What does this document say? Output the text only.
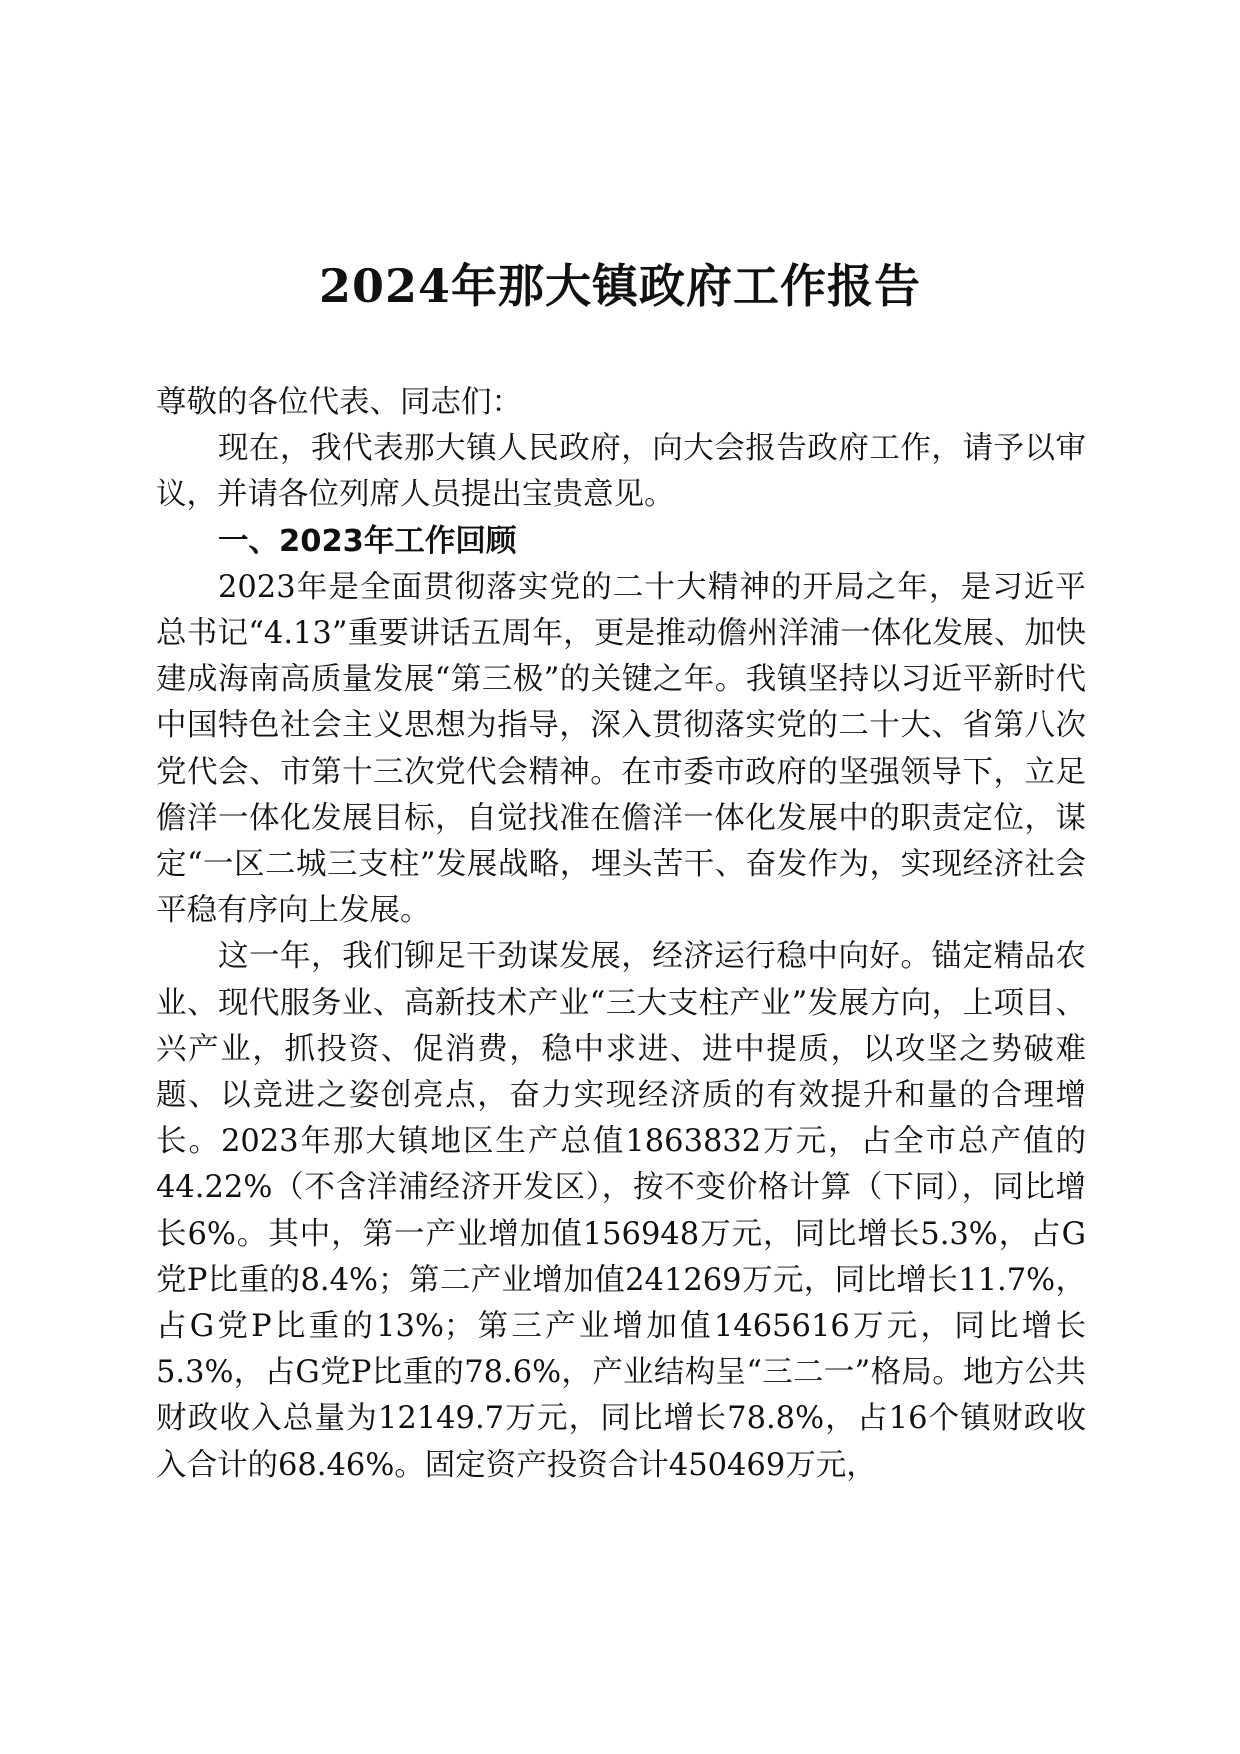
2024年那大镇政府工作报告

尊敬的各位代表、同志们：

现在，我代表那大镇人民政府，向大会报告政府工作，请予以审议，并请各位列席人员提出宝贵意见。

一、2023年工作回顾

2023年是全面贯彻落实党的二十大精神的开局之年，是习近平总书记“4.13”重要讲话五周年，更是推动儋州洋浦一体化发展、加快建成海南高质量发展“第三极”的关键之年。我镇坚持以习近平新时代中国特色社会主义思想为指导，深入贯彻落实党的二十大、省第八次党代会、市第十三次党代会精神。在市委市政府的坚强领导下，立足儋洋一体化发展目标，自觉找准在儋洋一体化发展中的职责定位，谋定“一区二城三支柱”发展战略，埋头苦干、奋发作为，实现经济社会平稳有序向上发展。

这一年，我们铆足干劲谋发展，经济运行稳中向好。锚定精品农业、现代服务业、高新技术产业“三大支柱产业”发展方向，上项目、兴产业，抓投资、促消费，稳中求进、进中提质，以攻坚之势破难题、以竞进之姿创亮点，奋力实现经济质的有效提升和量的合理增长。2023年那大镇地区生产总值1863832万元，占全市总产值的44.22%（不含洋浦经济开发区），按不变价格计算（下同），同比增长6%。其中，第一产业增加值156948万元，同比增长5.3%，占G党P比重的8.4%；第二产业增加值241269万元，同比增长11.7%，占G党P比重的13%；第三产业增加值1465616万元，同比增长5.3%，占G党P比重的78.6%，产业结构呈“三二一”格局。地方公共财政收入总量为12149.7万元，同比增长78.8%，占16个镇财政收入合计的68.46%。固定资产投资合计450469万元，
